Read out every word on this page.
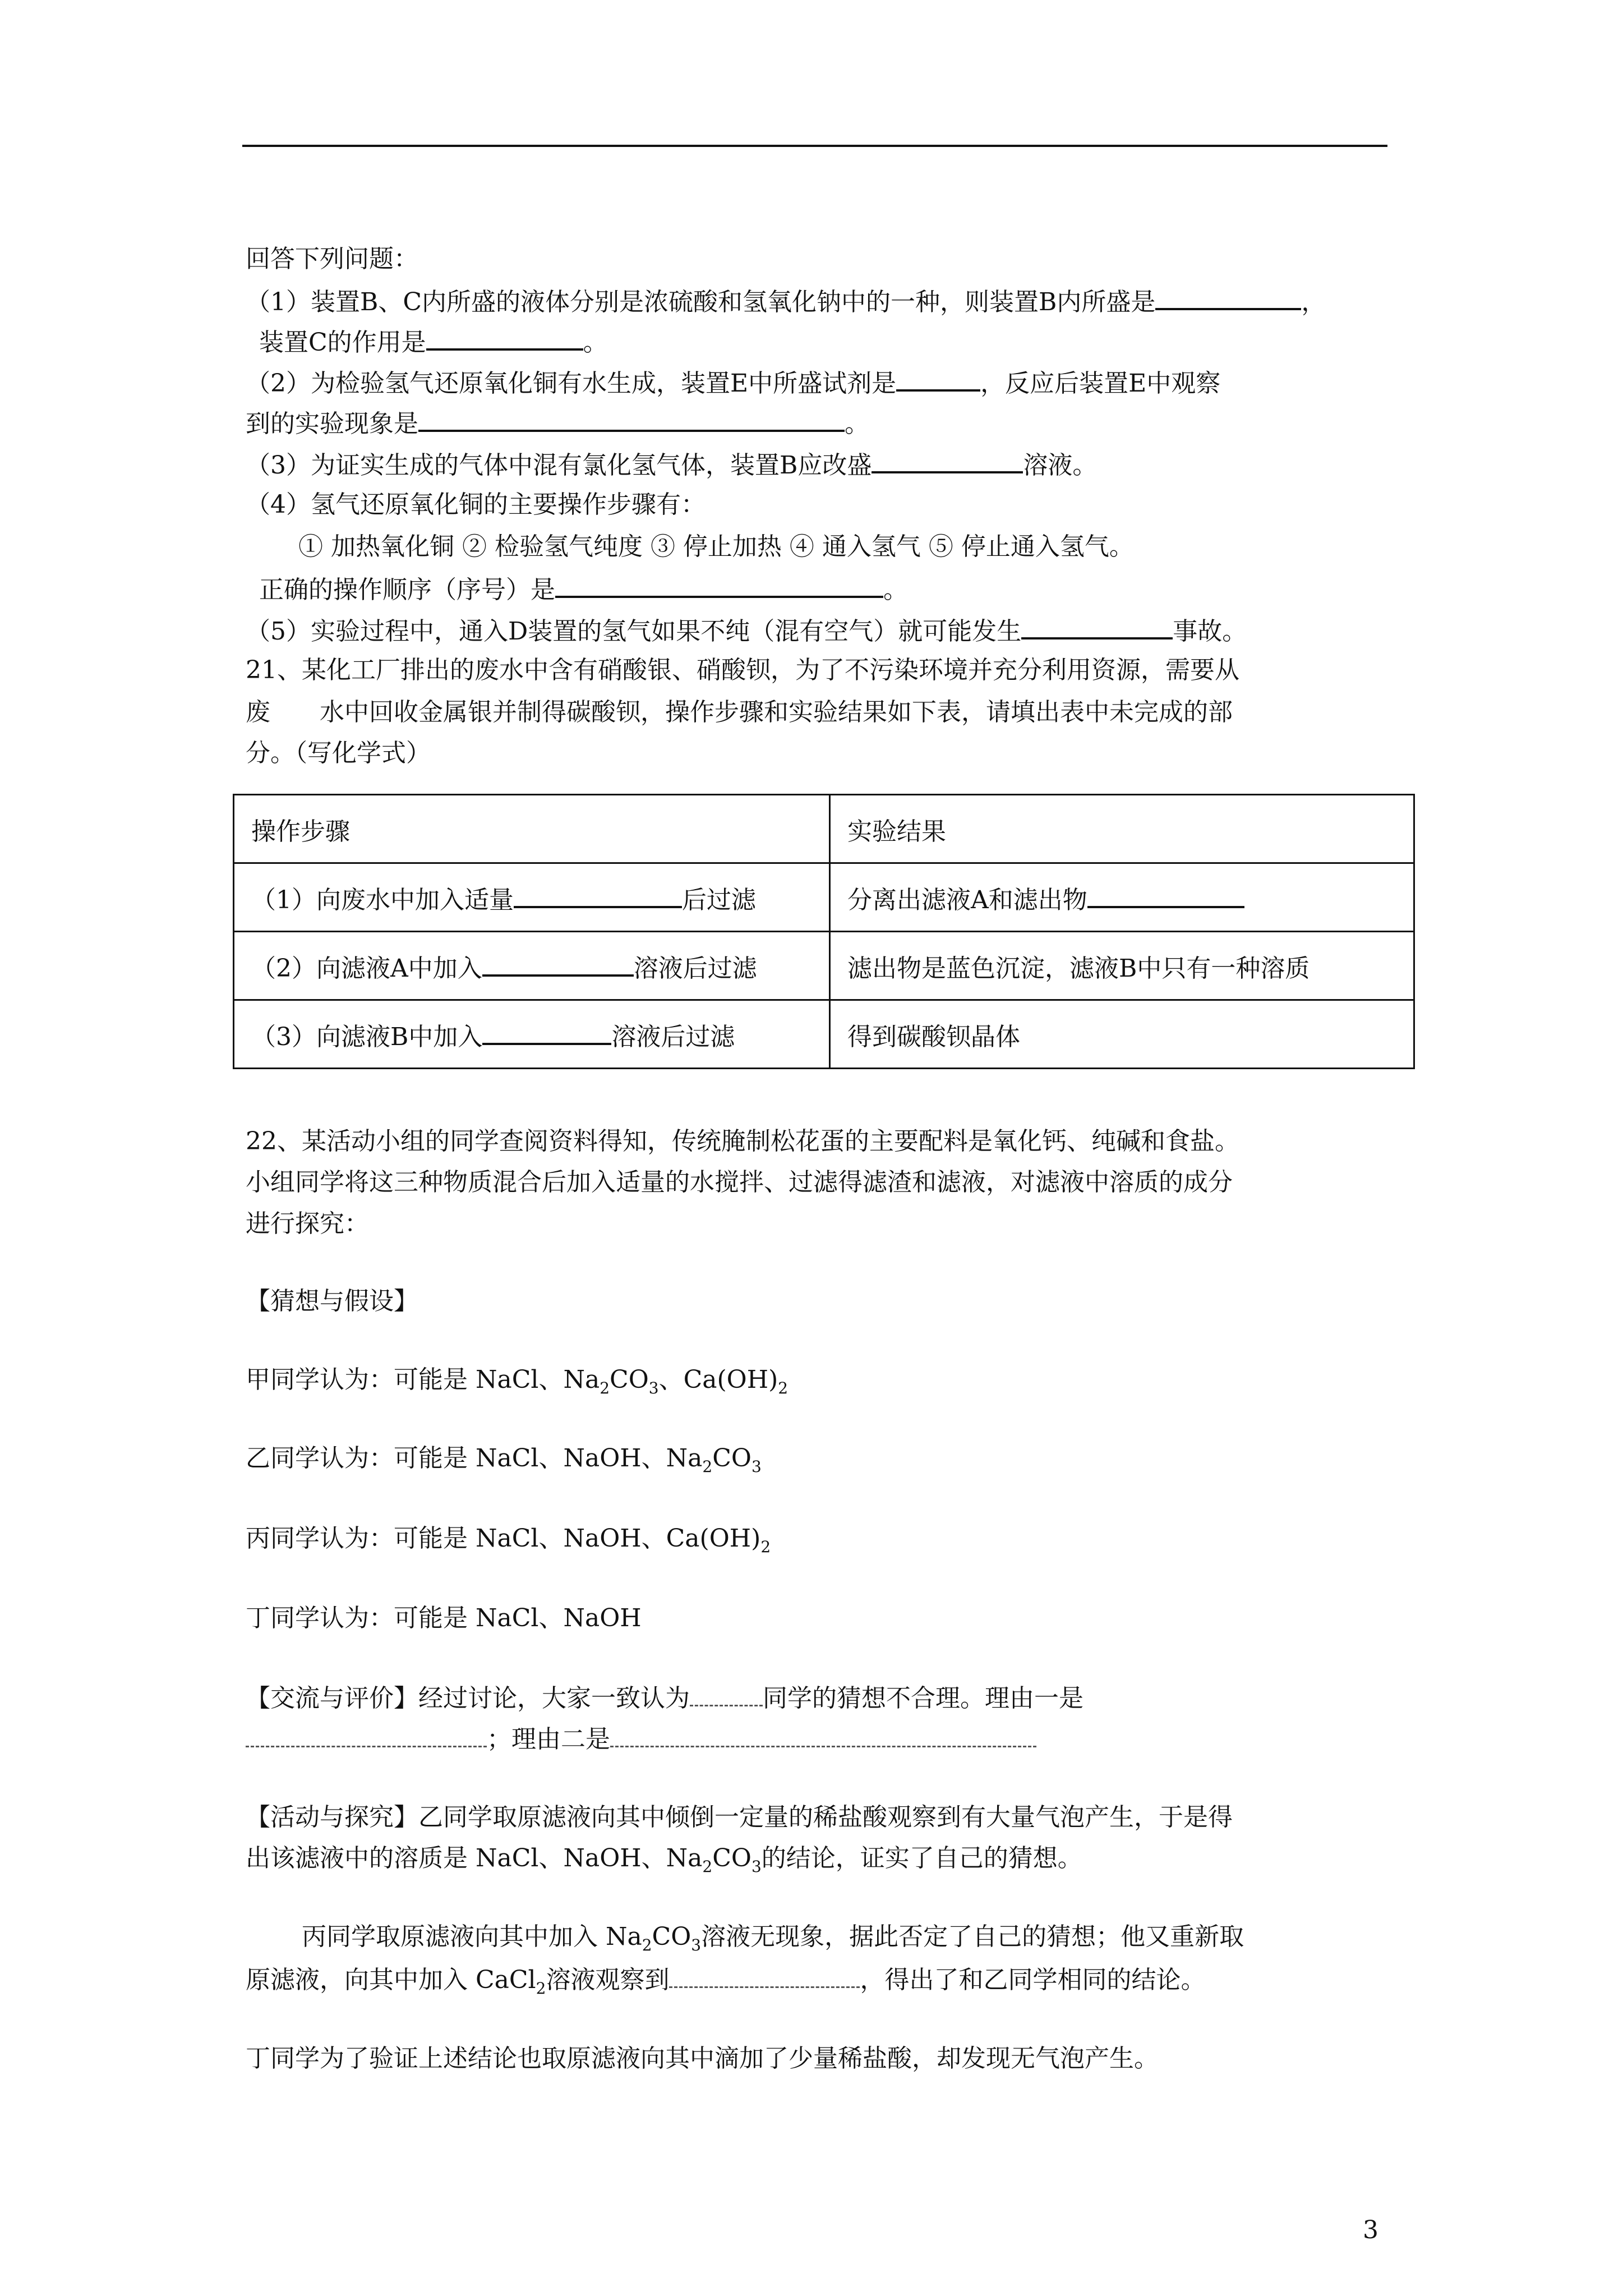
回答下列问题：
（1）装置B、C内所盛的液体分别是浓硫酸和氢氧化钠中的一种，则装置B内所盛是	，
装置C的作用是	。
（2）为检验氢气还原氧化铜有水生成，装置E中所盛试剂是	，反应后装置E中观察
到的实验现象是	。
（3）为证实生成的气体中混有氯化氢气体，装置B应改盛	溶液。
（4）氢气还原氧化铜的主要操作步骤有：
① 加热氧化铜 ② 检验氢气纯度 ③ 停止加热 ④ 通入氢气 ⑤ 停止通入氢气。
正确的操作顺序（序号）是	。
（5）实验过程中，通入D装置的氢气如果不纯（混有空气）就可能发生	事故。
21、某化工厂排出的废水中含有硝酸银、硝酸钡，为了不污染环境并充分利用资源，需要从
废　　水中回收金属银并制得碳酸钡，操作步骤和实验结果如下表，请填出表中未完成的部
分。（写化学式）
操作步骤	实验结果
（1）向废水中加入适量 后过滤	分离出滤液A和滤出物
（2）向滤液A中加入 溶液后过滤	滤出物是蓝色沉淀，滤液B中只有一种溶质
（3）向滤液B中加入 溶液后过滤	得到碳酸钡晶体
22、某活动小组的同学查阅资料得知，传统腌制松花蛋的主要配料是氧化钙、纯碱和食盐。
小组同学将这三种物质混合后加入适量的水搅拌、过滤得滤渣和滤液，对滤液中溶质的成分
进行探究：
【猜想与假设】
甲同学认为：可能是 NaCl、$Na_2CO_3$、$Ca(OH)_2$
乙同学认为：可能是 NaCl、NaOH、$Na_2CO_3$
丙同学认为：可能是 NaCl、NaOH、$Ca(OH)_2$
丁同学认为：可能是 NaCl、NaOH
【交流与评价】经过讨论，大家一致认为	同学的猜想不合理。理由一是
；理由二是
【活动与探究】乙同学取原滤液向其中倾倒一定量的稀盐酸观察到有大量气泡产生，于是得
出该滤液中的溶质是 NaCl、NaOH、$Na_2CO_3$的结论，证实了自己的猜想。
丙同学取原滤液向其中加入 $Na_2CO_3$溶液无现象，据此否定了自己的猜想；他又重新取
原滤液，向其中加入 CaCl$_2$溶液观察到	，得出了和乙同学相同的结论。
丁同学为了验证上述结论也取原滤液向其中滴加了少量稀盐酸，却发现无气泡产生。
3
